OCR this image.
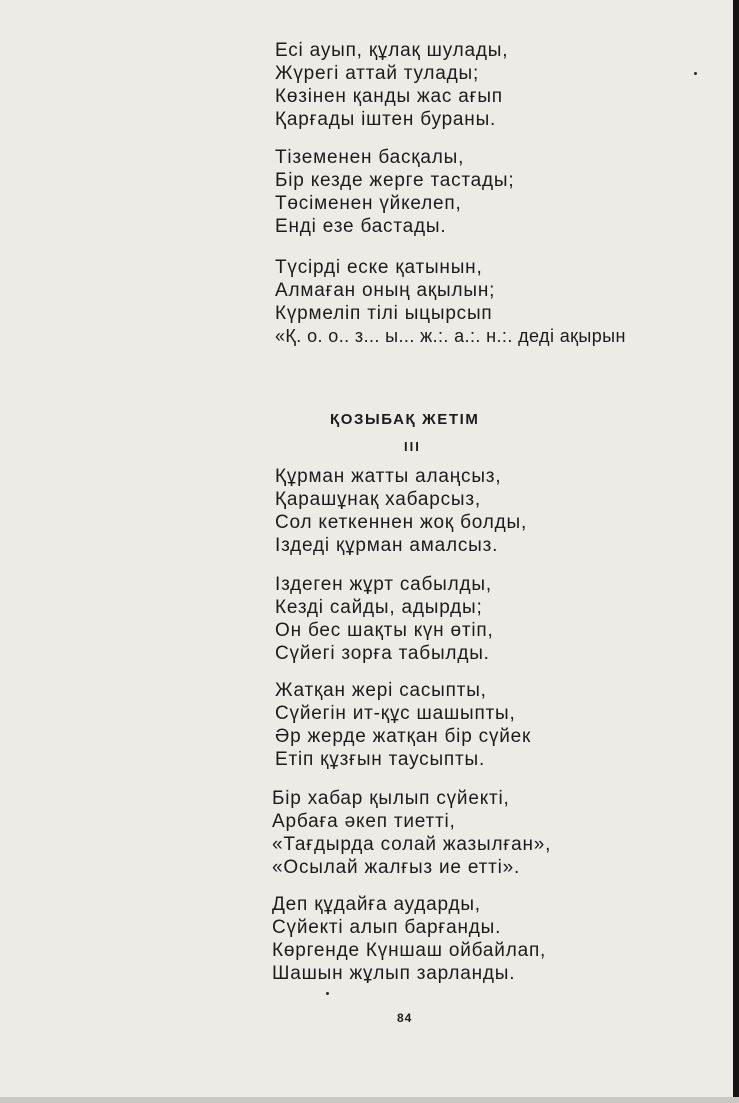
Есі ауып, құлақ шулады,
Жүрегі аттай тулады;
Көзінен қанды жас ағып
Қарғады іштен бураны.
Тіземенен басқалы,
Бір кезде жерге тастады;
Төсіменен үйкелеп,
Енді езе бастады.
Түсірді еске қатынын,
Алмаған оның ақылын;
Күрмеліп тілі ыцырсып
«Қ. о. о.. з... ы... ж.:. а.:. н.:. деді ақырын
ҚОЗЫБАҚ ЖЕТІМ
III
Құрман жатты алаңсыз,
Қарашұнақ хабарсыз,
Сол кеткеннен жоқ болды,
Іздеді құрман амалсыз.
Іздеген жұрт сабылды,
Кезді сайды, адырды;
Он бес шақты күн өтіп,
Сүйегі зорға табылды.
Жатқан жері сасыпты,
Сүйегін ит-құс шашыпты,
Әр жерде жатқан бір сүйек
Етіп құзғын таусыпты.
Бір хабар қылып сүйекті,
Арбаға әкеп тиетті,
«Тағдырда солай жазылған»,
«Осылай жалғыз ие етті».
Деп құдайға аударды,
Сүйекті алып барғанды.
Көргенде Күншаш ойбайлап,
Шашын жұлып зарланды.
84
